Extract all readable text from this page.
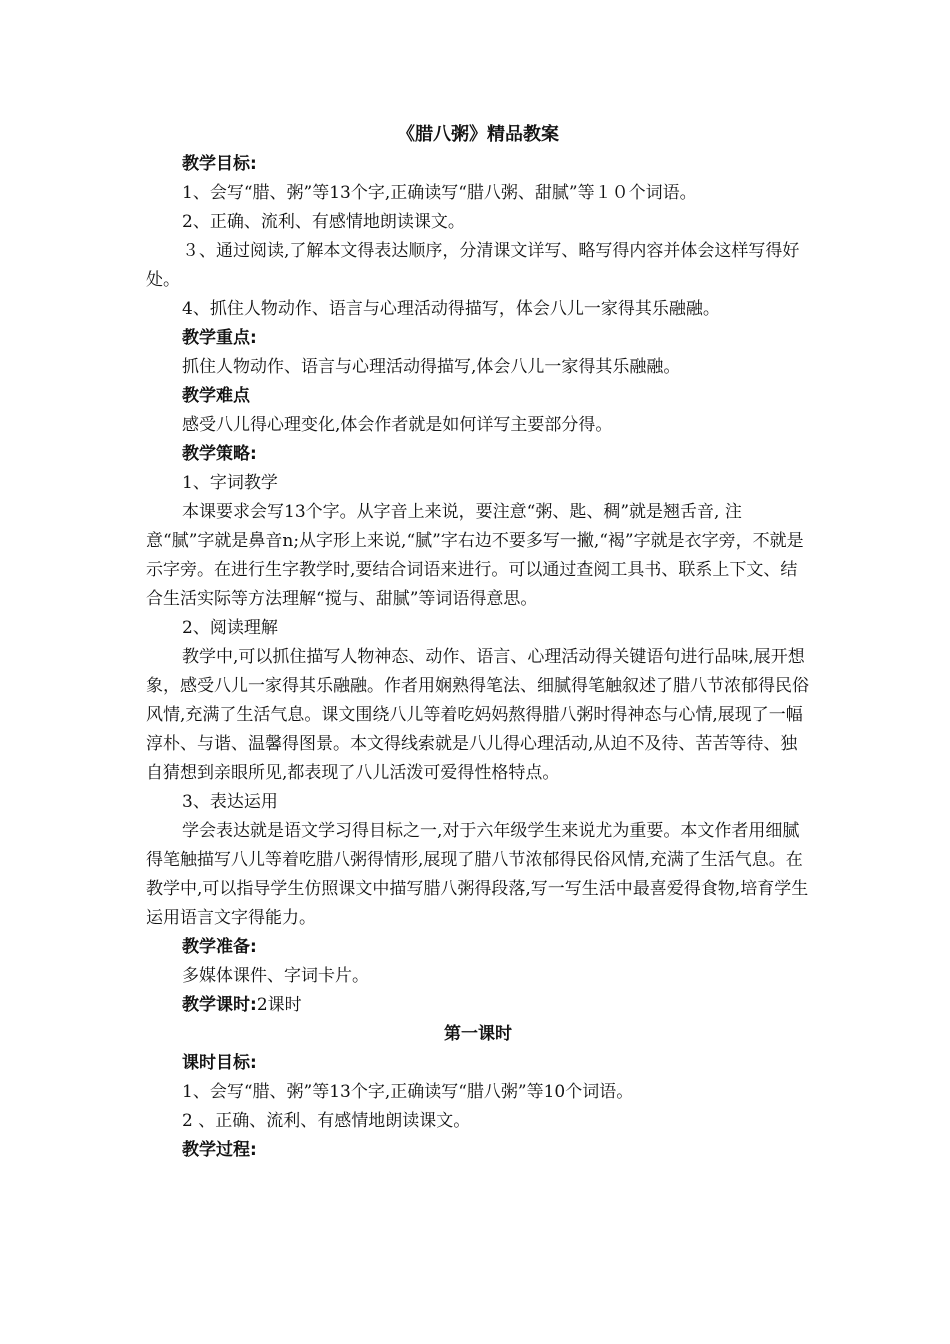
《腊八粥》精品教案
教学目标:
1、会写“腊、粥”等13个字,正确读写“腊八粥、甜腻”等１０个词语。
2、正确、流利、有感情地朗读课文。
３、通过阅读,了解本文得表达顺序，分清课文详写、略写得内容并体会这样写得好处。
4、抓住人物动作、语言与心理活动得描写，体会八儿一家得其乐融融。
教学重点:
抓住人物动作、语言与心理活动得描写,体会八儿一家得其乐融融。
教学难点
感受八儿得心理变化,体会作者就是如何详写主要部分得。
教学策略:
1、字词教学
本课要求会写13个字。从字音上来说，要注意“粥、匙、稠”就是翘舌音, 注意“腻”字就是鼻音n;从字形上来说,“腻”字右边不要多写一撇,“褐”字就是衣字旁，不就是示字旁。在进行生字教学时,要结合词语来进行。可以通过查阅工具书、联系上下文、结合生活实际等方法理解“搅与、甜腻”等词语得意思。
2、阅读理解
教学中,可以抓住描写人物神态、动作、语言、心理活动得关键语句进行品味,展开想象，感受八儿一家得其乐融融。作者用娴熟得笔法、细腻得笔触叙述了腊八节浓郁得民俗风情,充满了生活气息。课文围绕八儿等着吃妈妈熬得腊八粥时得神态与心情,展现了一幅淳朴、与谐、温馨得图景。本文得线索就是八儿得心理活动,从迫不及待、苦苦等待、独自猜想到亲眼所见,都表现了八儿活泼可爱得性格特点。
3、表达运用
学会表达就是语文学习得目标之一,对于六年级学生来说尤为重要。本文作者用细腻得笔触描写八儿等着吃腊八粥得情形,展现了腊八节浓郁得民俗风情,充满了生活气息。在教学中,可以指导学生仿照课文中描写腊八粥得段落,写一写生活中最喜爱得食物,培育学生运用语言文字得能力。
教学准备:
多媒体课件、字词卡片。
教学课时:2课时
第一课时
课时目标:
1、会写“腊、粥”等13个字,正确读写“腊八粥”等10个词语。
2 、正确、流利、有感情地朗读课文。
教学过程:
